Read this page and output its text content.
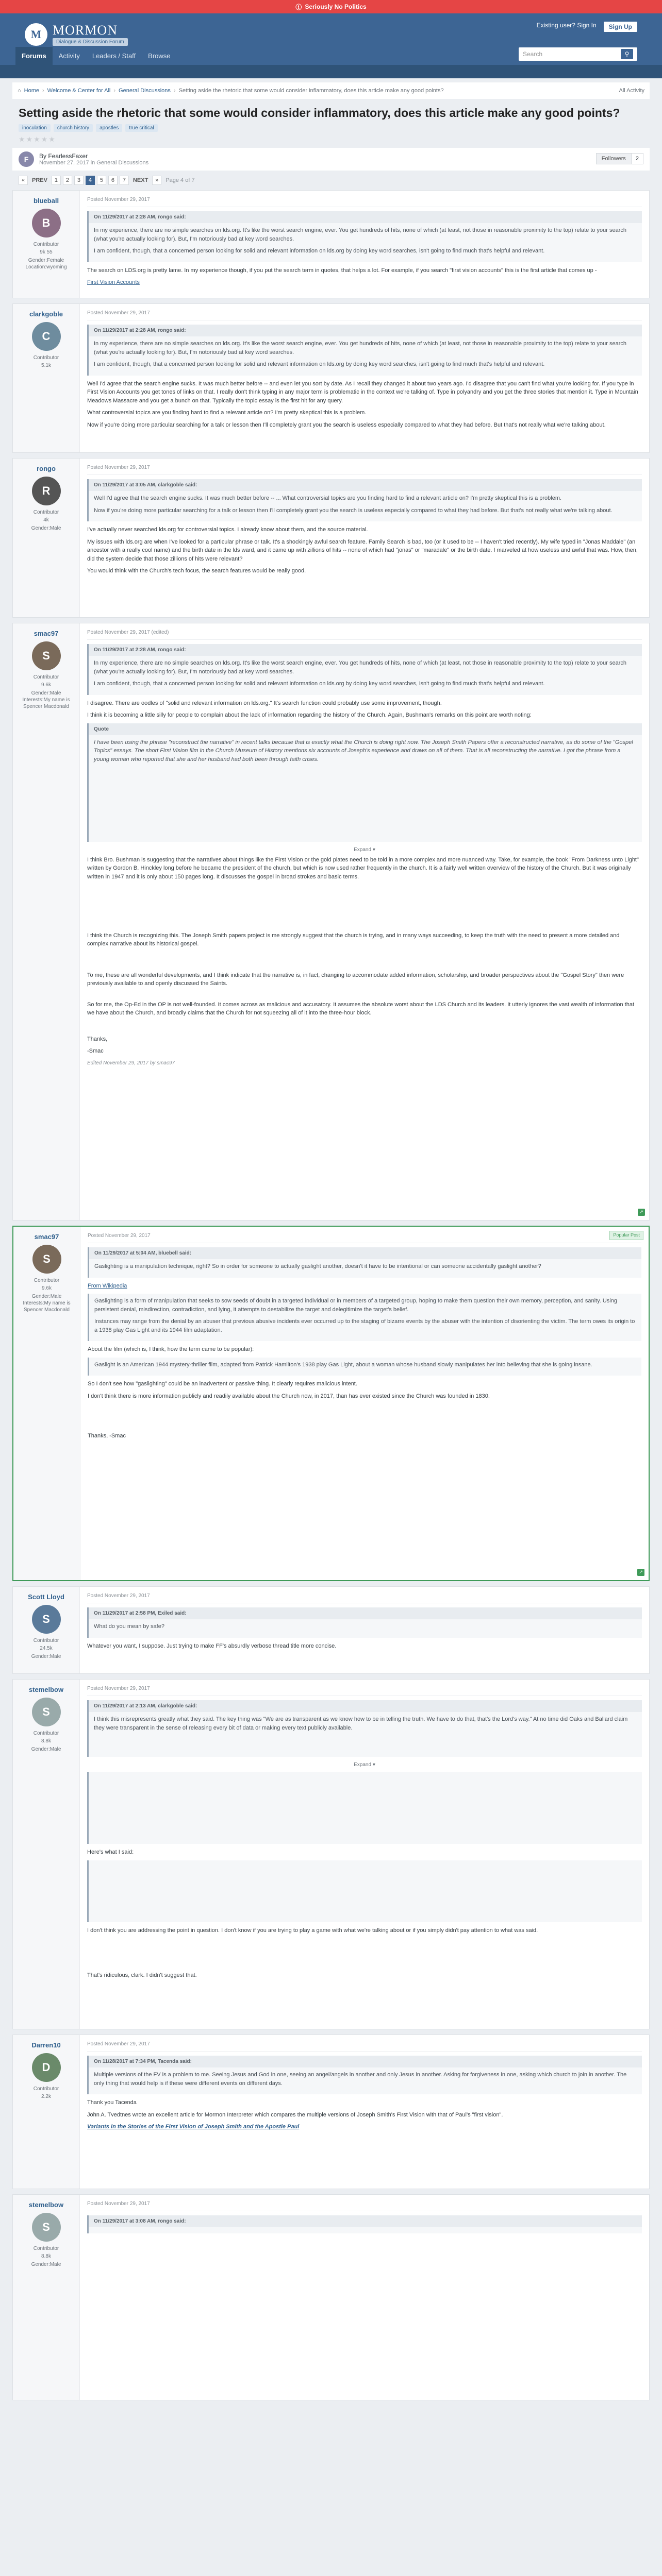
ⓘ Seriously No Politics
M MORMON
Dialogue & Discussion Forum
Existing user? Sign In	Sign Up
Forums	Activity	Leaders / Staff	Browse	Search	⚲
⌂ Home › Welcome & Center for All › General Discussions › Setting aside the rhetoric that some would consider inflammatory, does this article make any good points?	All Activity
Setting aside the rhetoric that some would consider inflammatory, does this article make any good points?
inoculation	church history	apostles	true critical
★★★★★
F	By FearlessFaxer
November 27, 2017 in General Discussions
Followers	2
«	PREV	1	2	3	4	5	6	7	NEXT	»	Page 4 of 7
blueball
B
Contributor
9k 55
Gender:Female Location:wyoming
Posted November 29, 2017
On 11/29/2017 at 2:28 AM, rongo said:

In my experience, there are no simple searches on lds.org. It's like the worst search engine, ever. You get hundreds of hits, none of which (at least, not those in reasonable proximity to the top) relate to your search (what you're actually looking for). But, I'm notoriously bad at key word searches.

I am confident, though, that a concerned person looking for solid and relevant information on lds.org by doing key word searches, isn't going to find much that's helpful and relevant.

The search on LDS.org is pretty lame. In my experience though, if you put the search term in quotes, that helps a lot. For example, if you search "first vision accounts" this is the first article that comes up -

First Vision Accounts

clarkgoble
C
Contributor
5.1k
Posted November 29, 2017
On 11/29/2017 at 2:28 AM, rongo said:

In my experience, there are no simple searches on lds.org. It's like the worst search engine, ever. You get hundreds of hits, none of which (at least, not those in reasonable proximity to the top) relate to your search (what you're actually looking for). But, I'm notoriously bad at key word searches.

I am confident, though, that a concerned person looking for solid and relevant information on lds.org by doing key word searches, isn't going to find much that's helpful and relevant.

Well I'd agree that the search engine sucks. It was much better before -- and even let you sort by date. As I recall they changed it about two years ago. I'd disagree that you can't find what you're looking for. If you type in First Vision Accounts you get tones of links on that. I really don't think typing in any major term is problematic in the context we're talking of. Type in polyandry and you get the three stories that mention it. Type in Mountain Meadows Massacre and you get a bunch on that. Typically the topic essay is the first hit for any query.

What controversial topics are you finding hard to find a relevant article on? I'm pretty skeptical this is a problem.

Now if you're doing more particular searching for a talk or lesson then I'll completely grant you the search is useless especially compared to what they had before. But that's not really what we're talking about.

rongo
R
Contributor
4k
Gender:Male
Posted November 29, 2017
On 11/29/2017 at 3:05 AM, clarkgoble said:

Well I'd agree that the search engine sucks. It was much better before -- ... What controversial topics are you finding hard to find a relevant article on? I'm pretty skeptical this is a problem.

Now if you're doing more particular searching for a talk or lesson then I'll completely grant you the search is useless especially compared to what they had before. But that's not really what we're talking about.

I've actually never searched lds.org for controversial topics. I already know about them, and the source material.

My issues with lds.org are when I've looked for a particular phrase or talk. It's a shockingly awful search feature. Family Search is bad, too (or it used to be -- I haven't tried recently). My wife typed in "Jonas Maddale" (an ancestor with a really cool name) and the birth date in the lds ward, and it came up with zillions of hits -- none of which had "jonas" or "maradale" or the birth date. I marveled at how useless and awful that was. How, then, did the system decide that those zillions of hits were relevant?

You would think with the Church's tech focus, the search features would be really good.

smac97
S
Contributor
9.6k
Gender:Male Interests:My name is Spencer Macdonald
Posted November 29, 2017 (edited)
On 11/29/2017 at 2:28 AM, rongo said:

In my experience, there are no simple searches on lds.org. It's like the worst search engine, ever. You get hundreds of hits, none of which (at least, not those in reasonable proximity to the top) relate to your search (what you're actually looking for). But, I'm notoriously bad at key word searches.

I am confident, though, that a concerned person looking for solid and relevant information on lds.org by doing key word searches, isn't going to find much that's helpful and relevant.

I disagree. There are oodles of "solid and relevant information on lds.org." It's search function could probably use some improvement, though.

I think it is becoming a little silly for people to complain about the lack of information regarding the history of the Church. Again, Bushman's remarks on this point are worth noting:

Quote

I have been using the phrase "reconstruct the narrative" in recent talks because that is exactly what the Church is doing right now. The Joseph Smith Papers offer a reconstructed narrative, as do some of the "Gospel Topics" essays. The short First Vision film in the Church Museum of History mentions six accounts of Joseph's experience and draws on all of them. That is all reconstructing the narrative. I got the phrase from a young woman who reported that she and her husband had both been through faith crises.

Expand ▾

I think Bro. Bushman is suggesting that the narratives about things like the First Vision or the gold plates need to be told in a more complex and more nuanced way. Take, for example, the book "From Darkness unto Light" written by Gordon B. Hinckley long before he became the president of the church, but which is now used rather frequently in the church. It is a fairly well written overview of the history of the Church. But it was originally written in 1947 and it is only about 150 pages long. It discusses the gospel in broad strokes and basic terms.

I think the Church is recognizing this. The Joseph Smith papers project is me strongly suggest that the church is trying, and in many ways succeeding, to keep the truth with the need to present a more detailed and complex narrative about its historical gospel.

To me, these are all wonderful developments, and I think indicate that the narrative is, in fact, changing to accommodate added information, scholarship, and broader perspectives about the "Gospel Story" then were previously available to and openly discussed the Saints.

So for me, the Op-Ed in the OP is not well-founded. It comes across as malicious and accusatory. It assumes the absolute worst about the LDS Church and its leaders. It utterly ignores the vast wealth of information that we have about the Church, and broadly claims that the Church for not squeezing all of it into the three-hour block.

Thanks,

-Smac

Edited November 29, 2017 by smac97
↗
smac97
S
Contributor
9.6k
Gender:Male Interests:My name is Spencer Macdonald
Posted November 29, 2017	Popular Post
On 11/29/2017 at 5:04 AM, bluebell said:

Gaslighting is a manipulation technique, right? So in order for someone to actually gaslight another, doesn't it have to be intentional or can someone accidentally gaslight another?

From Wikipedia

Gaslighting is a form of manipulation that seeks to sow seeds of doubt in a targeted individual or in members of a targeted group, hoping to make them question their own memory, perception, and sanity. Using persistent denial, misdirection, contradiction, and lying, it attempts to destabilize the target and delegitimize the target's belief.

Instances may range from the denial by an abuser that previous abusive incidents ever occurred up to the staging of bizarre events by the abuser with the intention of disorienting the victim. The term owes its origin to a 1938 play Gas Light and its 1944 film adaptation.

About the film (which is, I think, how the term came to be popular):

Gaslight is an American 1944 mystery-thriller film, adapted from Patrick Hamilton's 1938 play Gas Light, about a woman whose husband slowly manipulates her into believing that she is going insane.

So I don't see how "gaslighting" could be an inadvertent or passive thing. It clearly requires malicious intent.

I don't think there is more information publicly and readily available about the Church now, in 2017, than has ever existed since the Church was founded in 1830.

Thanks, -Smac

↗
Scott Lloyd
S
Contributor
24.5k
Gender:Male
Posted November 29, 2017
On 11/29/2017 at 2:58 PM, Exiled said:

What do you mean by safe?

Whatever you want, I suppose. Just trying to make FF's absurdly verbose thread title more concise.

stemelbow
S
Contributor
8.8k
Gender:Male
Posted November 29, 2017
On 11/29/2017 at 2:13 AM, clarkgoble said:

I think this misrepresents greatly what they said. The key thing was "We are as transparent as we know how to be in telling the truth. We have to do that, that's the Lord's way." At no time did Oaks and Ballard claim they were transparent in the sense of releasing every bit of data or making every text publicly available.

Expand ▾

Here's what I said:

I don't think you are addressing the point in question. I don't know if you are trying to play a game with what we're talking about or if you simply didn't pay attention to what was said.

That's ridiculous, clark. I didn't suggest that.

Darren10
D
Contributor
2.2k
Posted November 29, 2017
On 11/28/2017 at 7:34 PM, Tacenda said:

Multiple versions of the FV is a problem to me. Seeing Jesus and God in one, seeing an angel/angels in another and only Jesus in another. Asking for forgiveness in one, asking which church to join in another. The only thing that would help is if these were different events on different days.

Thank you Tacenda

John A. Tvedtnes wrote an excellent article for Mormon Interpreter which compares the multiple versions of Joseph Smith's First Vision with that of Paul's "first vision".

Variants in the Stories of the First Vision of Joseph Smith and the Apostle Paul

stemelbow
S
Contributor
8.8k
Gender:Male
Posted November 29, 2017
On 11/29/2017 at 3:08 AM, rongo said:
